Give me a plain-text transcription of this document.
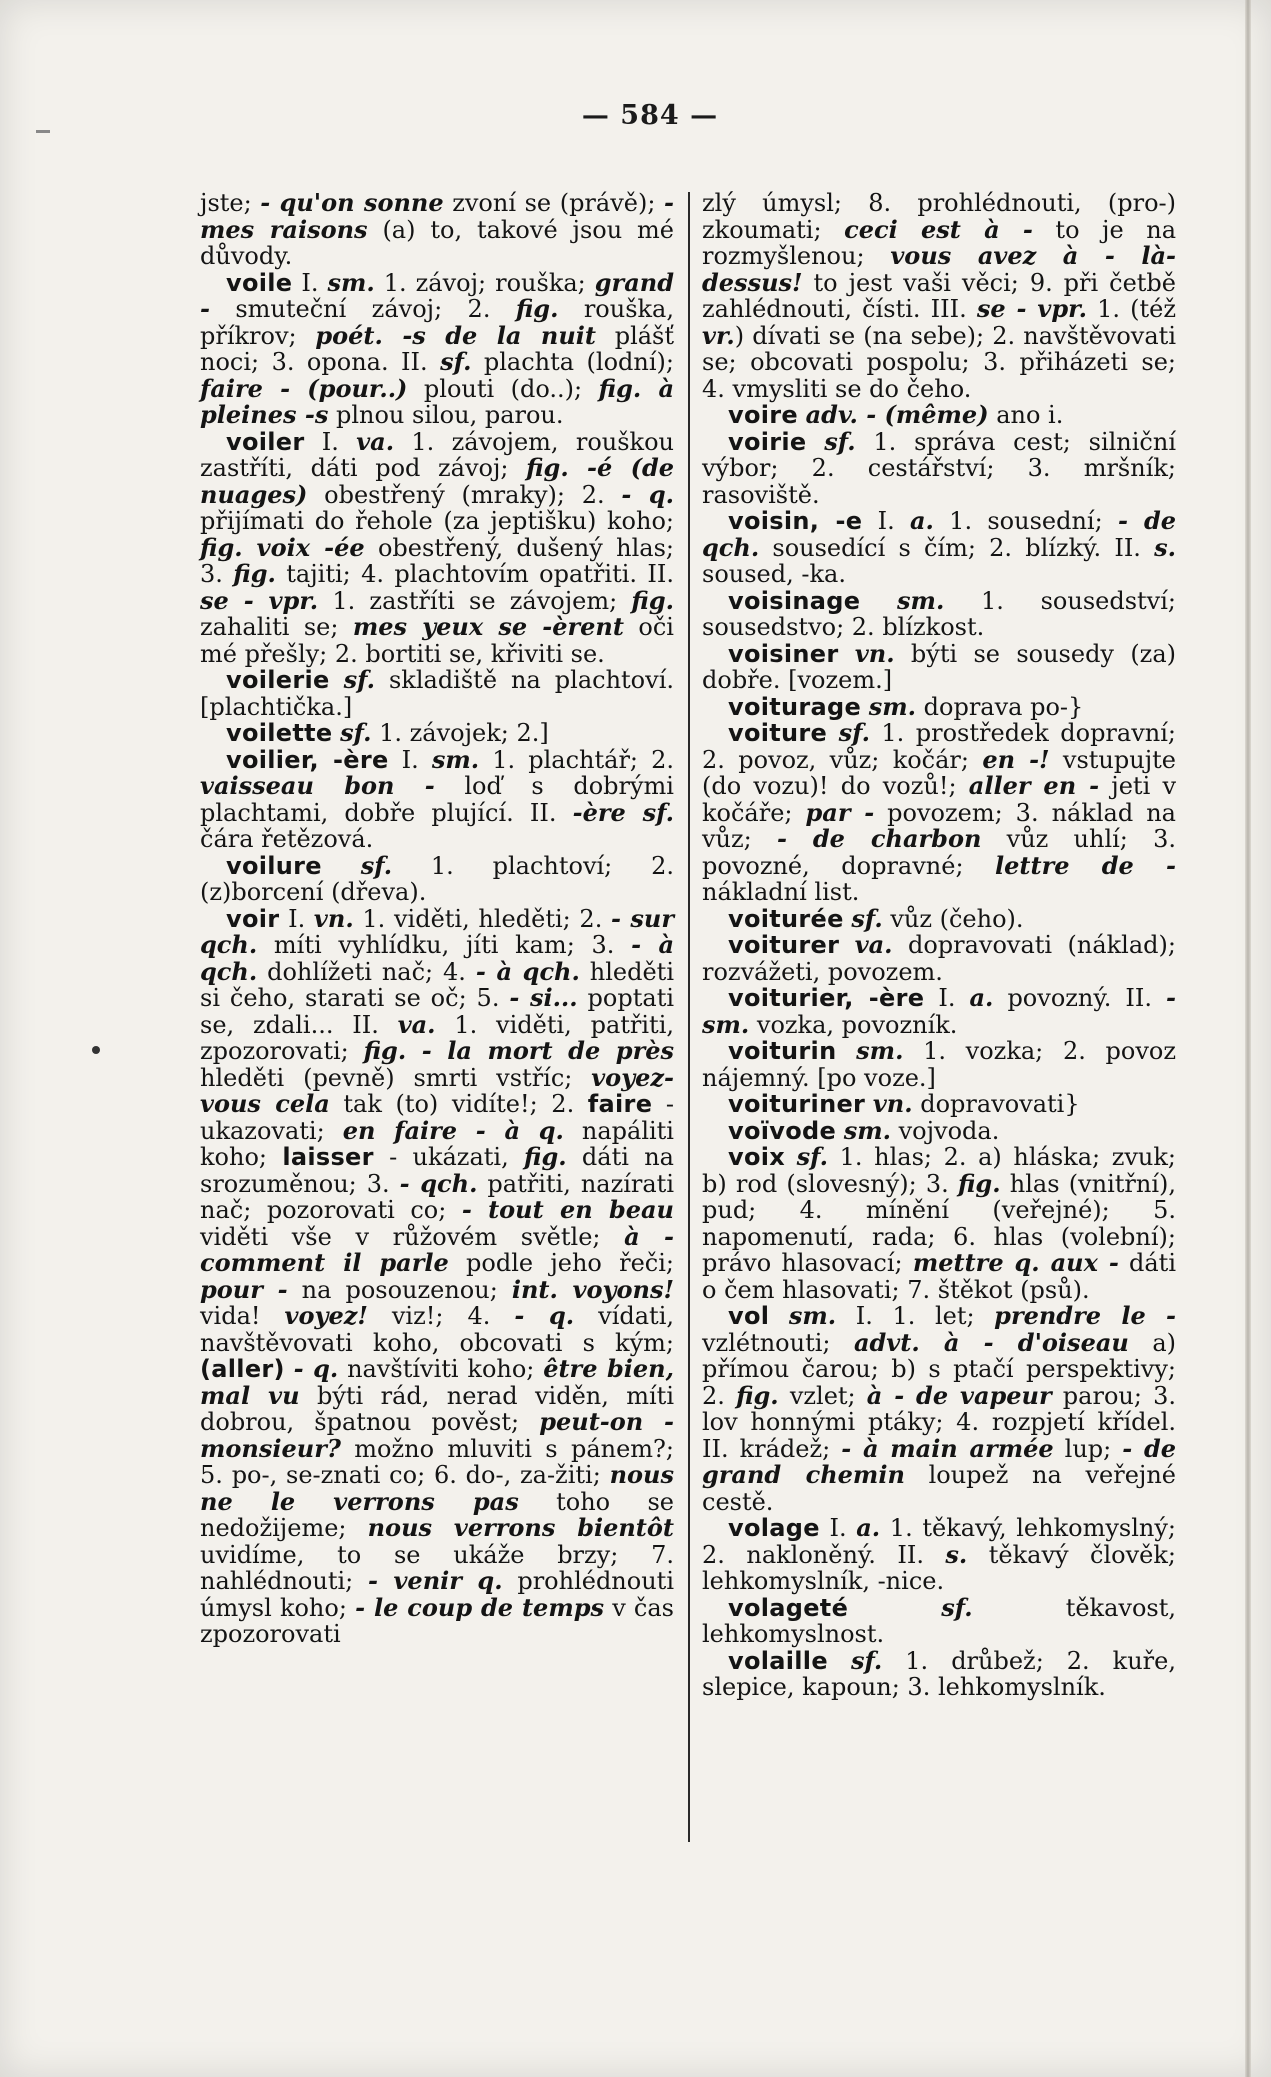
— 584 —

jste; - qu'on sonne zvoní se (právě); - mes raisons (a) to, takové jsou mé důvody.

voile I. sm. 1. závoj; rouška; grand - smuteční závoj; 2. fig. rouška, příkrov; poét. -s de la nuit plášť noci; 3. opona. II. sf. plachta (lodní); faire - (pour..) plouti (do..); fig. à pleines -s plnou silou, parou.

voiler I. va. 1. závojem, rouškou zastříti, dáti pod závoj; fig. -é (de nuages) obestřený (mraky); 2. - q. přijímati do řeholе (za jeptišku) koho; fig. voix -ée obestřený, dušený hlas; 3. fig. tajiti; 4. plachtovím opatřiti. II. se - vpr. 1. zastříti se závojem; fig. zahaliti se; mes yeux se -èrent oči mé přešly; 2. bortiti se, křiviti se.

voilerie sf. skladiště na plachtoví. [plachtička.]

voilette sf. 1. závojek; 2.]

voilier, -ère I. sm. 1. plachtář; 2. vaisseau bon - loď s dobrými plachtami, dobře plující. II. -ère sf. čára řetězová.

voilure sf. 1. plachtoví; 2. (z)borcení (dřeva).

voir I. vn. 1. viděti, hleděti; 2. - sur qch. míti vyhlídku, jíti kam; 3. - à qch. dohlížeti nač; 4. - à qch. hleděti si čeho, starati se oč; 5. - si... poptati se, zdali... II. va. 1. viděti, patřiti, zpozorovati; fig. - la mort de près hleděti (pevně) smrti vstříc; voyez-vous cela tak (to) vidíte!; 2. faire - ukazovati; en faire - à q. napáliti koho; laisser - ukázati, fig. dáti na srozuměnou; 3. - qch. patřiti, nazírati nač; pozorovati co; - tout en beau viděti vše v růžovém světle; à - comment il parle podle jeho řeči; pour - na posouzenou; int. voyons! vida! voyez! viz!; 4. - q. vídati, navštěvovati koho, obcovati s kým; (aller) - q. navštíviti koho; être bien, mal vu býti rád, nerad viděn, míti dobrou, špatnou pověst; peut-on - monsieur? možno mluviti s pánem?; 5. po-, se-znati co; 6. do-, za-žiti; nous ne le verrons pas toho se nedožijeme; nous verrons bientôt uvidíme, to se ukáže brzy; 7. nahlédnouti; - venir q. prohlédnouti úmysl koho; - le coup de temps v čas zpozorovati

zlý úmysl; 8. prohlédnouti, (pro-) zkoumati; ceci est à - to je na rozmyšlenou; vous avez à - là-dessus! to jest vaši věci; 9. při četbě zahlédnouti, čísti. III. se - vpr. 1. (též vr.) dívati se (na sebe); 2. navštěvovati se; obcovati pospolu; 3. přiházeti se; 4. vmysliti se do čeho.

voire adv. - (même) ano i.

voirie sf. 1. správa cest; silniční výbor; 2. cestářství; 3. mršník; rasoviště.

voisin, -e I. a. 1. sousední; - de qch. sousedící s čím; 2. blízký. II. s. soused, -ka.

voisinage sm. 1. sousedství; sousedstvo; 2. blízkost.

voisiner vn. býti se sousedy (za) dobře. [vozem.]

voiturage sm. doprava po-}

voiture sf. 1. prostředek dopravní; 2. povoz, vůz; kočár; en -! vstupujte (do vozu)! do vozů!; aller en - jeti v kočáře; par - povozem; 3. náklad na vůz; - de charbon vůz uhlí; 3. povozné, dopravné; lettre de - nákladní list.

voiturée sf. vůz (čeho).

voiturer va. dopravovati (náklad); rozvážeti, povozem.

voiturier, -ère I. a. povozný. II. - sm. vozka, povozník.

voiturin sm. 1. vozka; 2. povoz nájemný. [po voze.]

voituriner vn. dopravovati}

voïvode sm. vojvoda.

voix sf. 1. hlas; 2. a) hláska; zvuk; b) rod (slovesný); 3. fig. hlas (vnitřní), pud; 4. mínění (veřejné); 5. napomenutí, rada; 6. hlas (volební); právo hlasovací; mettre q. aux - dáti o čem hlasovati; 7. štěkot (psů).

vol sm. I. 1. let; prendre le - vzlétnouti; advt. à - d'oiseau a) přímou čarou; b) s ptačí perspektivy; 2. fig. vzlet; à - de vapeur parou; 3. lov honnými ptáky; 4. rozpjetí křídel. II. krádež; - à main armée lup; - de grand chemin loupež na veřejné cestě.

volage I. a. 1. těkavý, lehkomyslný; 2. nakloněný. II. s. těkavý člověk; lehkomyslník, -nice.

volageté	sf. těkavost, lehkomyslnost.

volaille sf. 1. drůbež; 2. kuře, slepice, kapoun; 3. lehkomyslník.
